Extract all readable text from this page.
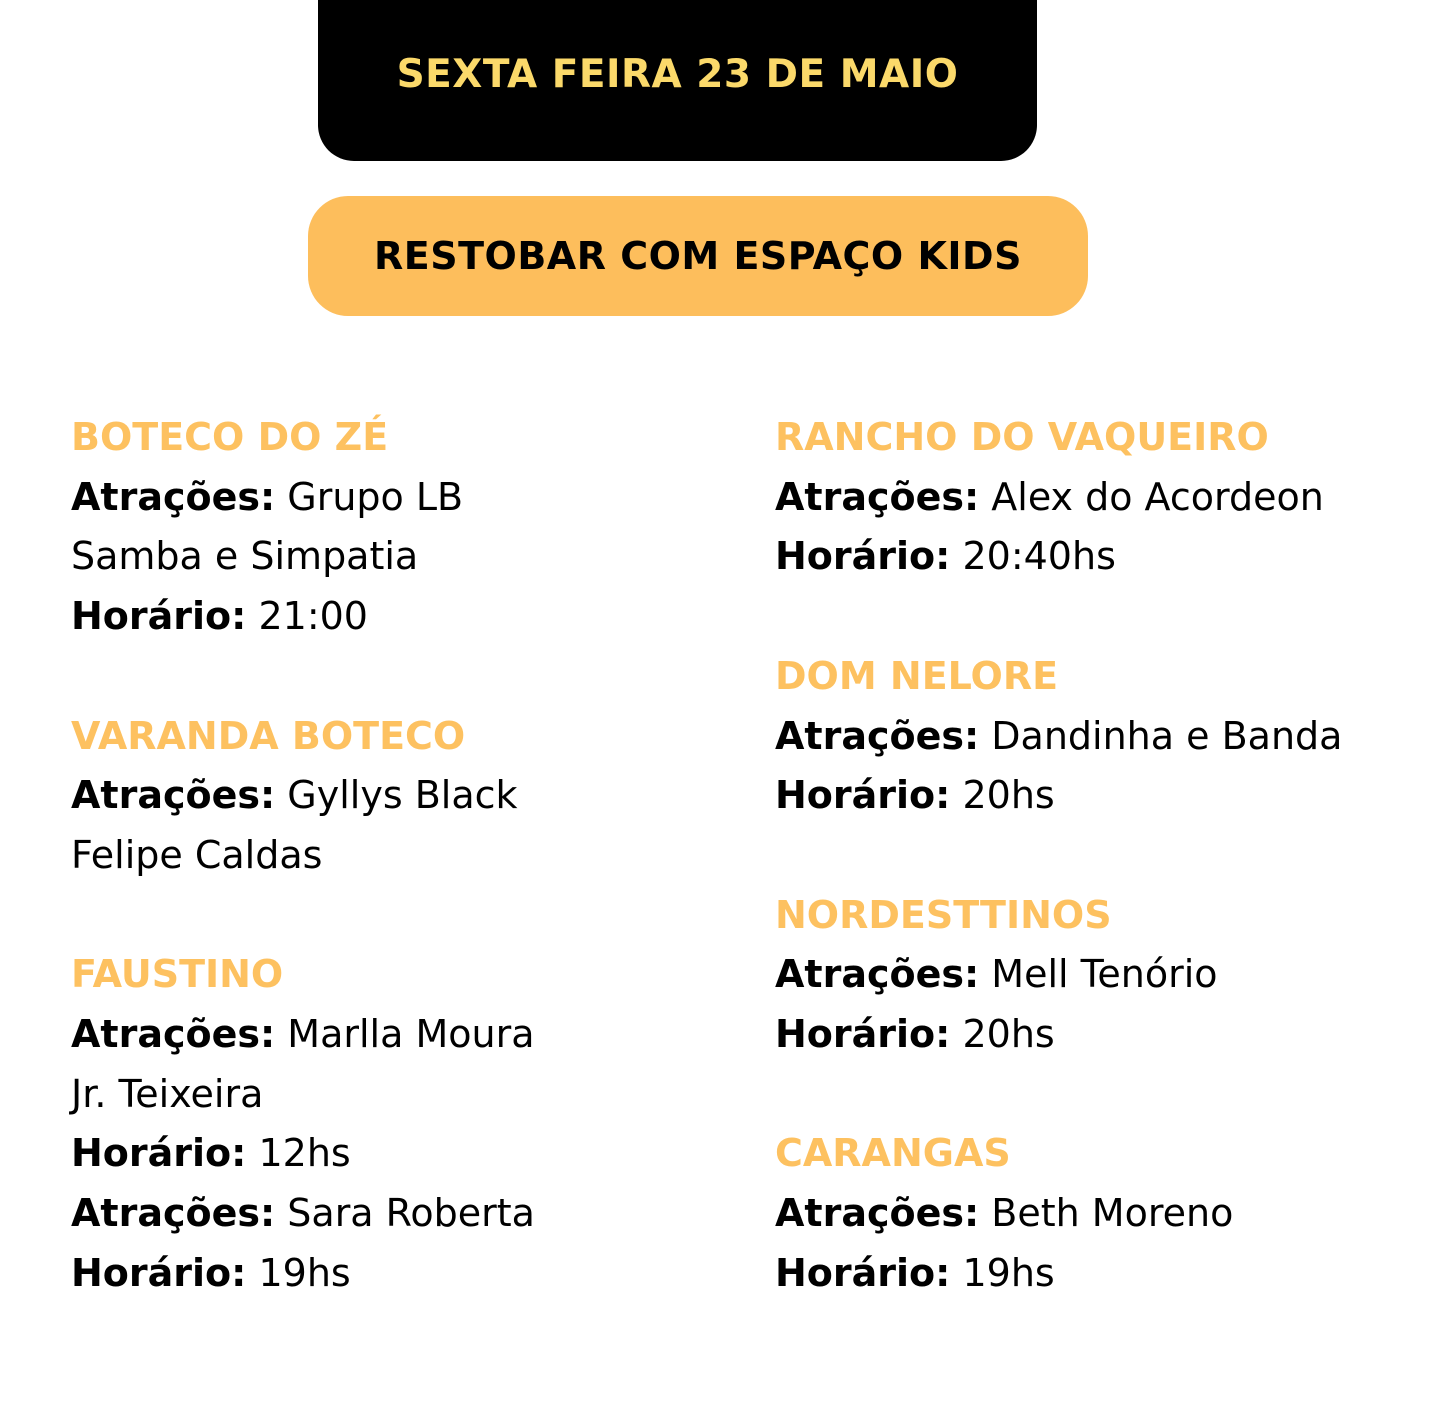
SEXTA FEIRA 23 DE MAIO
RESTOBAR COM ESPAÇO KIDS
BOTECO DO ZÉ
Atrações: Grupo LB
Samba e Simpatia
Horário: 21:00
VARANDA BOTECO
Atrações: Gyllys Black
Felipe Caldas
FAUSTINO
Atrações: Marlla Moura
Jr. Teixeira
Horário: 12hs
Atrações: Sara Roberta
Horário: 19hs
RANCHO DO VAQUEIRO
Atrações: Alex do Acordeon
Horário: 20:40hs
DOM NELORE
Atrações: Dandinha e Banda
Horário: 20hs
NORDESTTINOS
Atrações: Mell Tenório
Horário: 20hs
CARANGAS
Atrações: Beth Moreno
Horário: 19hs
